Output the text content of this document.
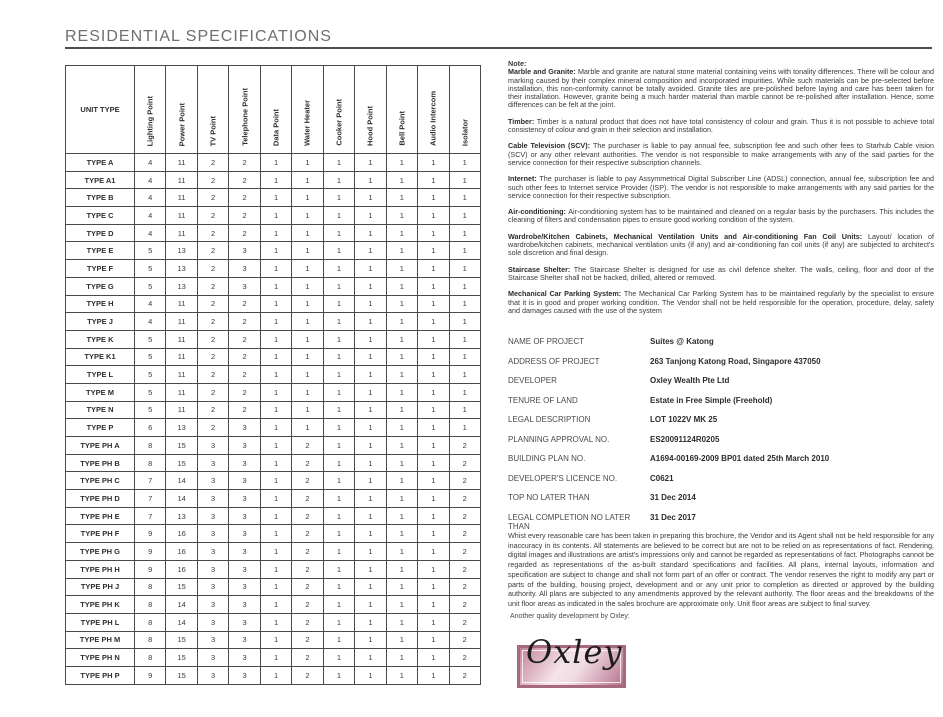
RESIDENTIAL SPECIFICATIONS
UNIT TYPE	Lighting Point	Power Point	TV Point	Telephone Point	Data Point	Water Heater	Cooker Point	Hood Point	Bell Point	Audio Intercom	Isolator

TYPE A	4	11	2	2	1	1	1	1	1	1	1
TYPE A1	4	11	2	2	1	1	1	1	1	1	1
TYPE B	4	11	2	2	1	1	1	1	1	1	1
TYPE C	4	11	2	2	1	1	1	1	1	1	1
TYPE D	4	11	2	2	1	1	1	1	1	1	1
TYPE E	5	13	2	3	1	1	1	1	1	1	1
TYPE F	5	13	2	3	1	1	1	1	1	1	1
TYPE G	5	13	2	3	1	1	1	1	1	1	1
TYPE H	4	11	2	2	1	1	1	1	1	1	1
TYPE J	4	11	2	2	1	1	1	1	1	1	1
TYPE K	5	11	2	2	1	1	1	1	1	1	1
TYPE K1	5	11	2	2	1	1	1	1	1	1	1
TYPE L	5	11	2	2	1	1	1	1	1	1	1
TYPE M	5	11	2	2	1	1	1	1	1	1	1
TYPE N	5	11	2	2	1	1	1	1	1	1	1
TYPE P	6	13	2	3	1	1	1	1	1	1	1
TYPE PH A	8	15	3	3	1	2	1	1	1	1	2
TYPE PH B	8	15	3	3	1	2	1	1	1	1	2
TYPE PH C	7	14	3	3	1	2	1	1	1	1	2
TYPE PH D	7	14	3	3	1	2	1	1	1	1	2
TYPE PH E	7	13	3	3	1	2	1	1	1	1	2
TYPE PH F	9	16	3	3	1	2	1	1	1	1	2
TYPE PH G	9	16	3	3	1	2	1	1	1	1	2
TYPE PH H	9	16	3	3	1	2	1	1	1	1	2
TYPE PH J	8	15	3	3	1	2	1	1	1	1	2
TYPE PH K	8	14	3	3	1	2	1	1	1	1	2
TYPE PH L	8	14	3	3	1	2	1	1	1	1	2
TYPE PH M	8	15	3	3	1	2	1	1	1	1	2
TYPE PH N	8	15	3	3	1	2	1	1	1	1	2
TYPE PH P	9	15	3	3	1	2	1	1	1	1	2
Note:

Marble and Granite: Marble and granite are natural stone material containing veins with tonality differences. There will be colour and marking caused by their complex mineral composition and incorporated impurities. While such materials can be pre-selected before installation, this non-conformity cannot be totally avoided. Granite tiles are pre-polished before laying and care has been taken for their installation. However, granite being a much harder material than marble cannot be re-polished after installation. Hence, some differences can be felt at the joint.

Timber: Timber is a natural product that does not have total consistency of colour and grain. Thus it is not possible to achieve total consistency of colour and grain in their selection and installation.

Cable Television (SCV): The purchaser is liable to pay annual fee, subscription fee and such other fees to Starhub Cable vision (SCV) or any other relevant authorities. The vendor is not responsible to make arrangements with any of the said parties for the service connection for their respective subscription channels.

Internet: The purchaser is liable to pay Assymmetrical Digital Subscriber Line (ADSL) connection, annual fee, subscription fee and such other fees to Internet service Provider (ISP). The vendor is not responsible to make arrangements with any said parties for the service connection for their respective subscription.

Air-conditioning: Air-conditioning system has to be maintained and cleaned on a regular basis by the purchasers. This includes the cleaning of filters and condensation pipes to ensure good working condition of the system.

Wardrobe/Kitchen Cabinets, Mechanical Ventilation Units and Air-conditioning Fan Coil Units: Layout/ location of wardrobe/kitchen cabinets, mechanical ventilation units (if any) and air-conditioning fan coil units (if any) are subjected to architect's sole discretion and final design.

Staircase Shelter: The Staircase Shelter is designed for use as civil defence shelter. The walls, ceiling, floor and door of the Staircase Shelter shall not be hacked, drilled, altered or removed.

Mechanical Car Parking System: The Mechanical Car Parking System has to be maintained regularly by the specialist to ensure that it is in good and proper working condition. The Vendor shall not be held responsible for the operation, procedure, delay, safety and damages caused with the use of the system

NAME OF PROJECT	Suites @ Katong
ADDRESS OF PROJECT	263 Tanjong Katong Road, Singapore 437050
DEVELOPER	Oxley Wealth Pte Ltd
TENURE OF LAND	Estate in Free Simple (Freehold)
LEGAL DESCRIPTION	LOT 1022V MK 25
PLANNING APPROVAL NO.	ES20091124R0205
BUILDING PLAN NO.	A1694-00169-2009 BP01 dated 25th March 2010
DEVELOPER'S LICENCE NO.	C0621
TOP NO LATER THAN	31 Dec 2014
LEGAL COMPLETION NO LATER THAN
31 Dec 2017
Whist every reasonable care has been taken in preparing this brochure, the Vendor and its Agent shall not be held responsible for any inaccuracy in its contents. All statements are believed to be correct but are not to be relied on as representations of fact. Rendering, digital images and illustrations are artist's impressions only and cannot be regarded as representations of fact. Photographs cannot be regarded as representations of the as-built standard specifications and facilities. All plans, internal layouts, information and specification are subject to change and shall not form part of an offer or contract. The vendor reserves the right to modify any part or parts of the building, housing project, development and or any unit prior to completion as directed or approved by the building authority. All plans are subjected to any amendments approved by the relevant authority. The floor areas and the breakdowns of the unit floor areas as indicated in the sales brochure are approximate only. Unit floor areas are subject to final survey.
Another quality development by Oxley:
Oxley
